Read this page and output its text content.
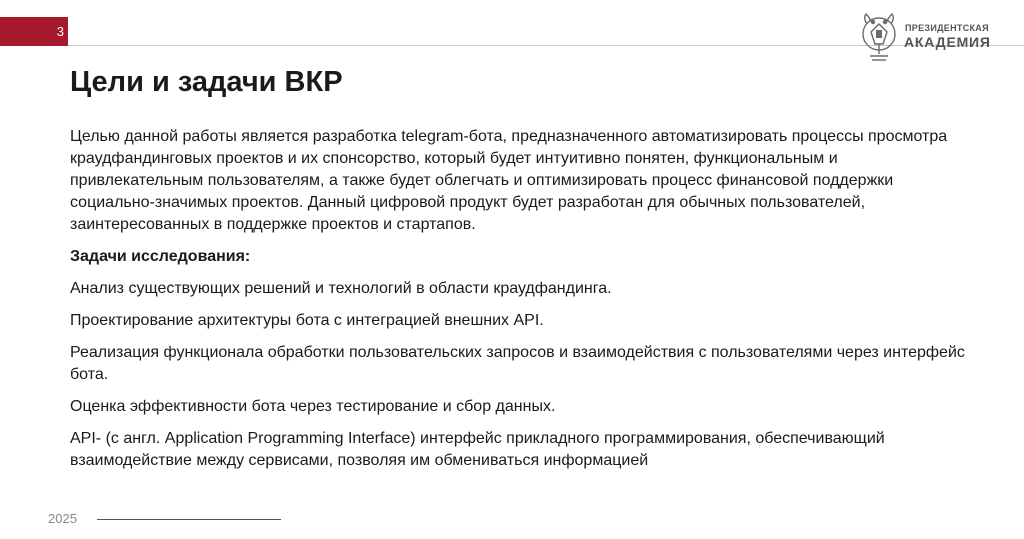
3	ПРЕЗИДЕНТСКАЯ
АКАДЕМИЯ
Цели и задачи ВКР

Целью данной работы является разработка telegram-бота, предназначенного автоматизировать процессы просмотра краудфандинговых проектов и их спонсорство, который будет интуитивно понятен, функциональным и привлекательным пользователям, а также будет облегчать и оптимизировать процесс финансовой поддержки социально-значимых проектов. Данный цифровой продукт будет разработан для обычных пользователей, заинтересованных в поддержке проектов и стартапов.

Задачи исследования:

Анализ существующих решений и технологий в области краудфандинга.

Проектирование архитектуры бота с интеграцией внешних API.

Реализация функционала обработки пользовательских запросов и взаимодействия с пользователями через интерфейс бота.

Оценка эффективности бота через тестирование и сбор данных.

API- (с англ. Application Programming Interface) интерфейс прикладного программирования, обеспечивающий взаимодействие между сервисами, позволяя им обмениваться информацией

2025
